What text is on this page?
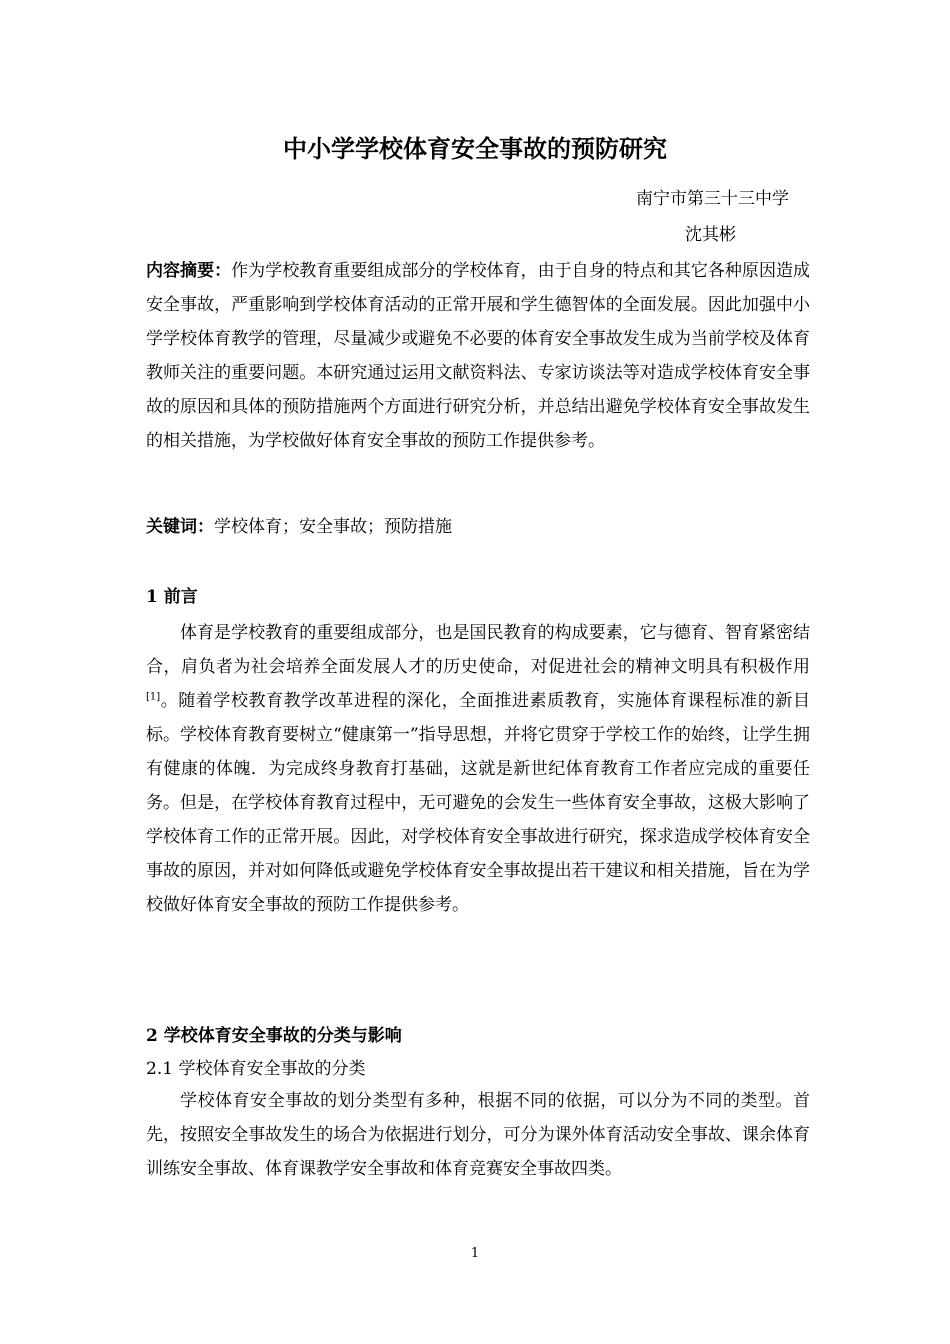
中小学学校体育安全事故的预防研究
南宁市第三十三中学
沈其彬

内容摘要：作为学校教育重要组成部分的学校体育，由于自身的特点和其它各种原因造成安全事故，严重影响到学校体育活动的正常开展和学生德智体的全面发展。因此加强中小学学校体育教学的管理，尽量减少或避免不必要的体育安全事故发生成为当前学校及体育教师关注的重要问题。本研究通过运用文献资料法、专家访谈法等对造成学校体育安全事故的原因和具体的预防措施两个方面进行研究分析，并总结出避免学校体育安全事故发生的相关措施，为学校做好体育安全事故的预防工作提供参考。

关键词：学校体育；安全事故；预防措施

1 前言

体育是学校教育的重要组成部分，也是国民教育的构成要素，它与德育、智育紧密结合，肩负者为社会培养全面发展人才的历史使命，对促进社会的精神文明具有积极作用[1]。随着学校教育教学改革进程的深化，全面推进素质教育，实施体育课程标准的新目标。学校体育教育要树立“健康第一”指导思想，并将它贯穿于学校工作的始终，让学生拥有健康的体魄．为完成终身教育打基础，这就是新世纪体育教育工作者应完成的重要任务。但是，在学校体育教育过程中，无可避免的会发生一些体育安全事故，这极大影响了学校体育工作的正常开展。因此，对学校体育安全事故进行研究，探求造成学校体育安全事故的原因，并对如何降低或避免学校体育安全事故提出若干建议和相关措施，旨在为学校做好体育安全事故的预防工作提供参考。

2 学校体育安全事故的分类与影响
2.1 学校体育安全事故的分类

学校体育安全事故的划分类型有多种，根据不同的依据，可以分为不同的类型。首先，按照安全事故发生的场合为依据进行划分，可分为课外体育活动安全事故、课余体育训练安全事故、体育课教学安全事故和体育竞赛安全事故四类。

1
